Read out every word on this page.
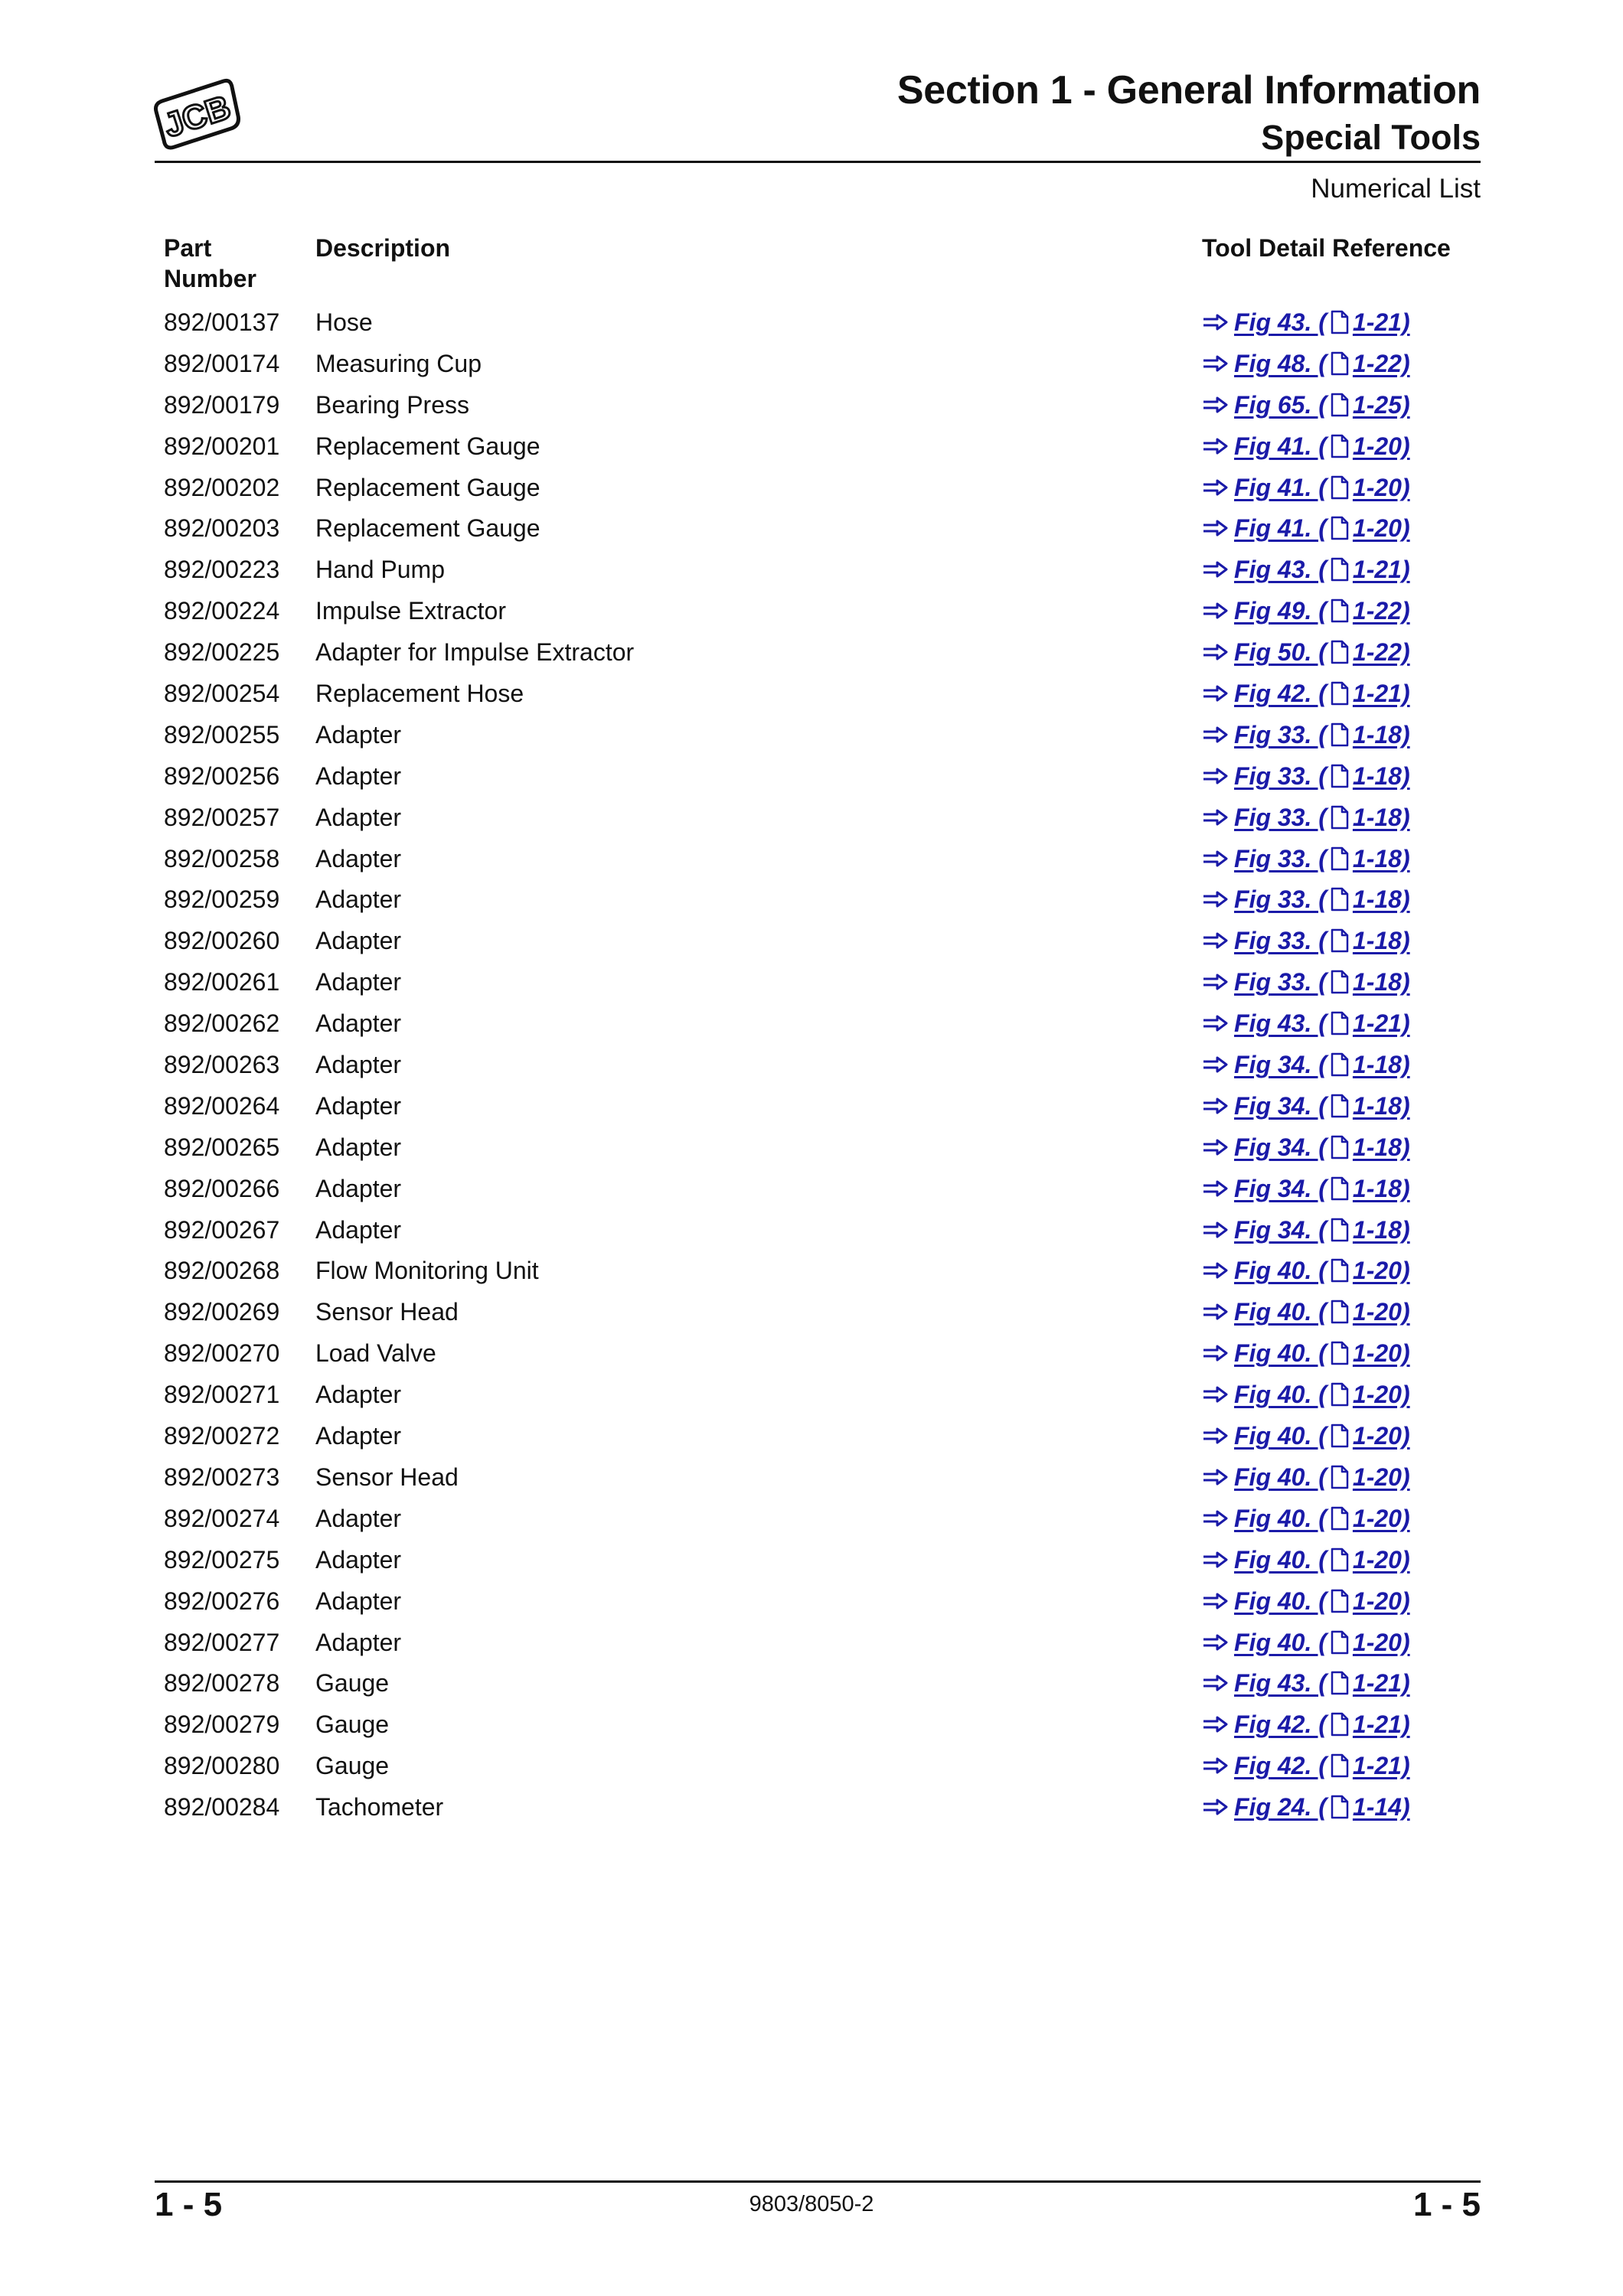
JCB	Section 1 - General Information
Special Tools
Numerical List
Part Number
Description	Tool Detail Reference
892/00137 Hose	Fig 43. ( 1-21)
892/00174 Measuring Cup	Fig 48. ( 1-22)
892/00179 Bearing Press	Fig 65. ( 1-25)
892/00201 Replacement Gauge	Fig 41. ( 1-20)
892/00202 Replacement Gauge	Fig 41. ( 1-20)
892/00203 Replacement Gauge	Fig 41. ( 1-20)
892/00223 Hand Pump	Fig 43. ( 1-21)
892/00224 Impulse Extractor	Fig 49. ( 1-22)
892/00225 Adapter for Impulse Extractor	Fig 50. ( 1-22)
892/00254 Replacement Hose	Fig 42. ( 1-21)
892/00255 Adapter	Fig 33. ( 1-18)
892/00256 Adapter	Fig 33. ( 1-18)
892/00257 Adapter	Fig 33. ( 1-18)
892/00258 Adapter	Fig 33. ( 1-18)
892/00259 Adapter	Fig 33. ( 1-18)
892/00260 Adapter	Fig 33. ( 1-18)
892/00261 Adapter	Fig 33. ( 1-18)
892/00262 Adapter	Fig 43. ( 1-21)
892/00263 Adapter	Fig 34. ( 1-18)
892/00264 Adapter	Fig 34. ( 1-18)
892/00265 Adapter	Fig 34. ( 1-18)
892/00266 Adapter	Fig 34. ( 1-18)
892/00267 Adapter	Fig 34. ( 1-18)
892/00268 Flow Monitoring Unit	Fig 40. ( 1-20)
892/00269 Sensor Head	Fig 40. ( 1-20)
892/00270 Load Valve	Fig 40. ( 1-20)
892/00271 Adapter	Fig 40. ( 1-20)
892/00272 Adapter	Fig 40. ( 1-20)
892/00273 Sensor Head	Fig 40. ( 1-20)
892/00274 Adapter	Fig 40. ( 1-20)
892/00275 Adapter	Fig 40. ( 1-20)
892/00276 Adapter	Fig 40. ( 1-20)
892/00277 Adapter	Fig 40. ( 1-20)
892/00278 Gauge	Fig 43. ( 1-21)
892/00279 Gauge	Fig 42. ( 1-21)
892/00280 Gauge	Fig 42. ( 1-21)
892/00284 Tachometer	Fig 24. ( 1-14)
1 - 5	9803/8050-2	1 - 5
